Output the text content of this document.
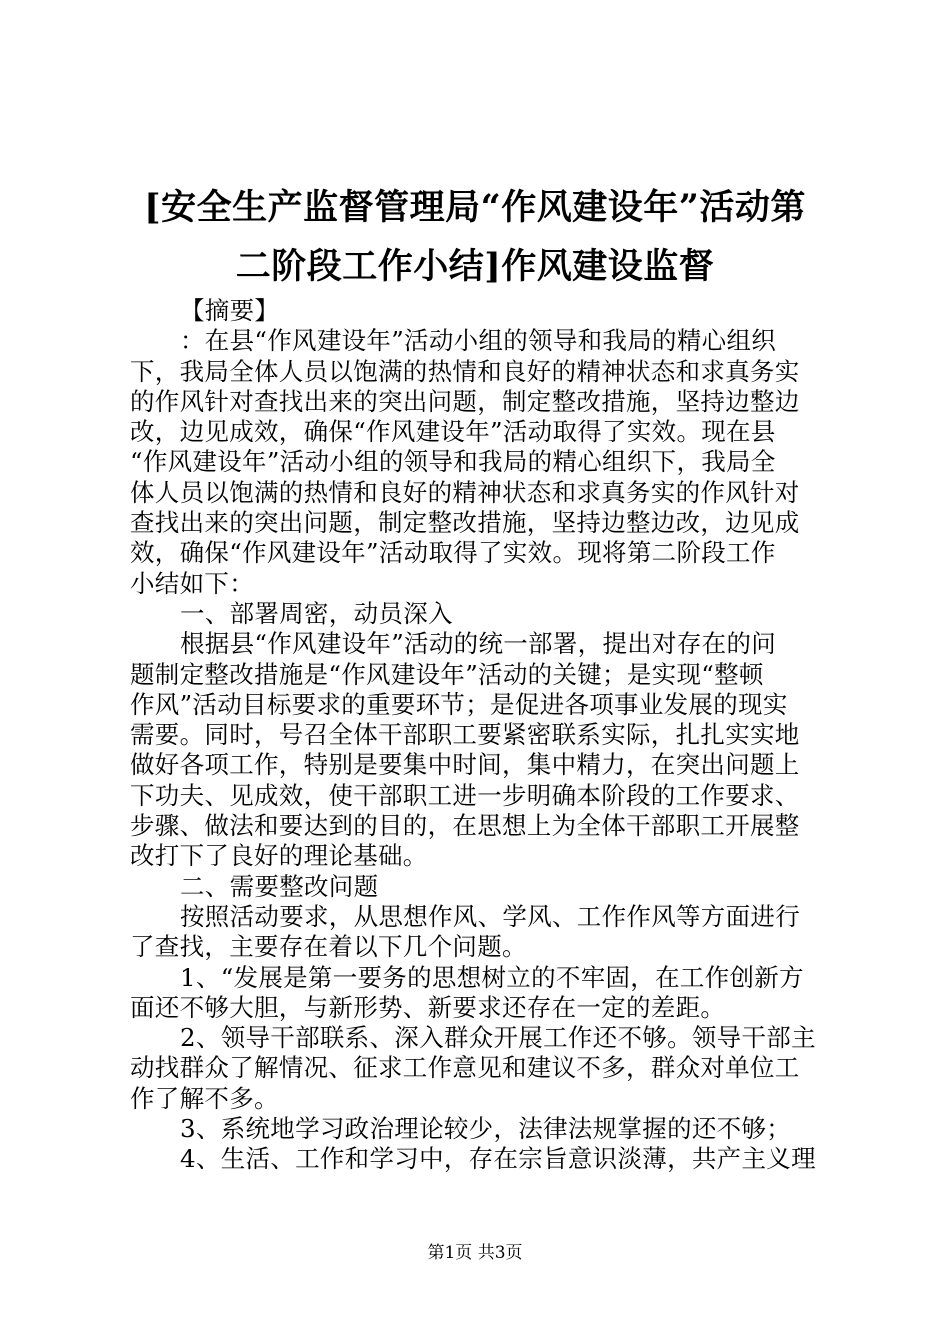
[安全生产监督管理局“作风建设年”活动第
二阶段工作小结]作风建设监督
【摘要】
：在县“作风建设年”活动小组的领导和我局的精心组织
下，我局全体人员以饱满的热情和良好的精神状态和求真务实
的作风针对查找出来的突出问题，制定整改措施，坚持边整边
改，边见成效，确保“作风建设年”活动取得了实效。现在县
“作风建设年”活动小组的领导和我局的精心组织下，我局全
体人员以饱满的热情和良好的精神状态和求真务实的作风针对
查找出来的突出问题，制定整改措施，坚持边整边改，边见成
效，确保“作风建设年”活动取得了实效。现将第二阶段工作
小结如下：
一、部署周密，动员深入
根据县“作风建设年”活动的统一部署，提出对存在的问
题制定整改措施是“作风建设年”活动的关键；是实现“整顿
作风”活动目标要求的重要环节；是促进各项事业发展的现实
需要。同时，号召全体干部职工要紧密联系实际，扎扎实实地
做好各项工作，特别是要集中时间，集中精力，在突出问题上
下功夫、见成效，使干部职工进一步明确本阶段的工作要求、
步骤、做法和要达到的目的，在思想上为全体干部职工开展整
改打下了良好的理论基础。
二、需要整改问题
按照活动要求，从思想作风、学风、工作作风等方面进行
了查找，主要存在着以下几个问题。
1、“发展是第一要务的思想树立的不牢固，在工作创新方
面还不够大胆，与新形势、新要求还存在一定的差距。
2、领导干部联系、深入群众开展工作还不够。领导干部主
动找群众了解情况、征求工作意见和建议不多，群众对单位工
作了解不多。
3、系统地学习政治理论较少，法律法规掌握的还不够；
4、生活、工作和学习中，存在宗旨意识淡薄，共产主义理
第1页 共3页
